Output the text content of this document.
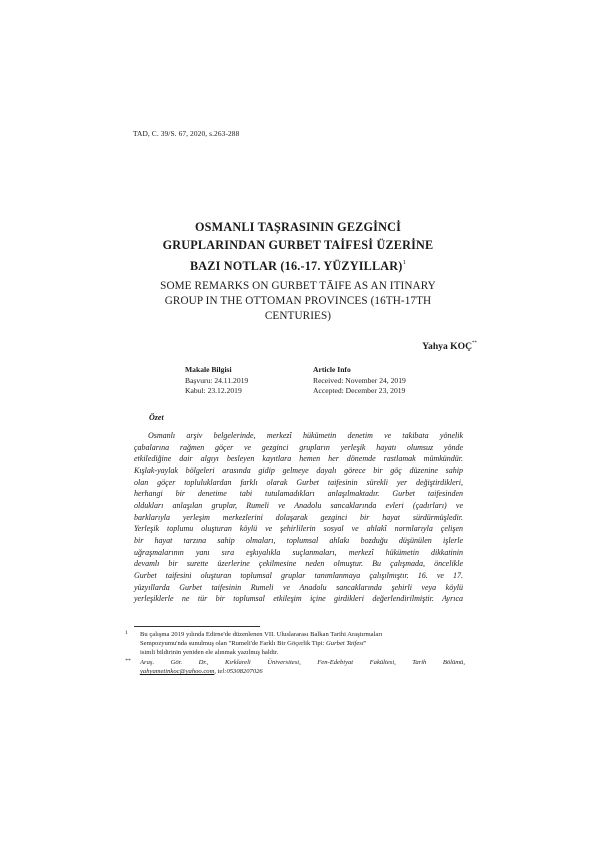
TAD, C. 39/S. 67, 2020, s.263-288
OSMANLI TAŞRASININ GEZGİNCİ
GRUPLARINDAN GURBET TAİFESİ ÜZERİNE
BAZI NOTLAR (16.-17. YÜZYILLAR)$^1$
SOME REMARKS ON GURBET TĀIFE AS AN ITINARY
GROUP IN THE OTTOMAN PROVINCES (16TH-17TH
CENTURIES)
Yahya KOÇ**
Makale Bilgisi
Başvuru: 24.11.2019
Kabul: 23.12.2019
Article Info
Received: November 24, 2019
Accepted: December 23, 2019
Özet
Osmanlı arşiv belgelerinde, merkezî hükümetin denetim ve takibata yönelik
çabalarına rağmen göçer ve gezginci grupların yerleşik hayatı olumsuz yönde
etkilediğine dair algıyı besleyen kayıtlara hemen her dönemde rastlamak mümkündür.
Kışlak-yaylak bölgeleri arasında gidip gelmeye dayalı görece bir göç düzenine sahip
olan göçer topluluklardan farklı olarak Gurbet taifesinin sürekli yer değiştirdikleri,
herhangi bir denetime tabi tutulamadıkları anlaşılmaktadır. Gurbet taifesinden
oldukları anlaşılan gruplar, Rumeli ve Anadolu sancaklarında evleri (çadırları) ve
barklarıyla yerleşim merkezlerini dolaşarak gezginci bir hayat sürdürmüşledir.
Yerleşik toplumu oluşturan köylü ve şehirlilerin sosyal ve ahlakî normlarıyla çelişen
bir hayat tarzına sahip olmaları, toplumsal ahlakı bozduğu düşünülen işlerle
uğraşmalarının yanı sıra eşkıyalıkla suçlanmaları, merkezî hükümetin dikkatinin
devamlı bir surette üzerlerine çekilmesine neden olmuştur. Bu çalışmada, öncelikle
Gurbet taifesini oluşturan toplumsal gruplar tanımlanmaya çalışılmıştır. 16. ve 17.
yüzyıllarda Gurbet taifesinin Rumeli ve Anadolu sancaklarında şehirli veya köylü
yerleşiklerle ne tür bir toplumsal etkileşim içine girdikleri değerlendirilmiştir. Ayrıca
1 Bu çalışma 2019 yılında Edirne'de düzenlenen VII. Uluslararası Balkan Tarihi Araştırmaları
Sempozyumu'nda sunulmuş olan "Rumeli'de Farklı Bir Göçerlik Tipi: Gurbet Taifesi"
isimli bildirinin yeniden ele alınmak yazılmış haldir.
** Araş. Gör. Dr., Kırklareli Üniversitesi, Fen-Edebiyat Fakültesi, Tarih Bölümü,
yahyametinkoc@yahoo.com, tel:05308207026
